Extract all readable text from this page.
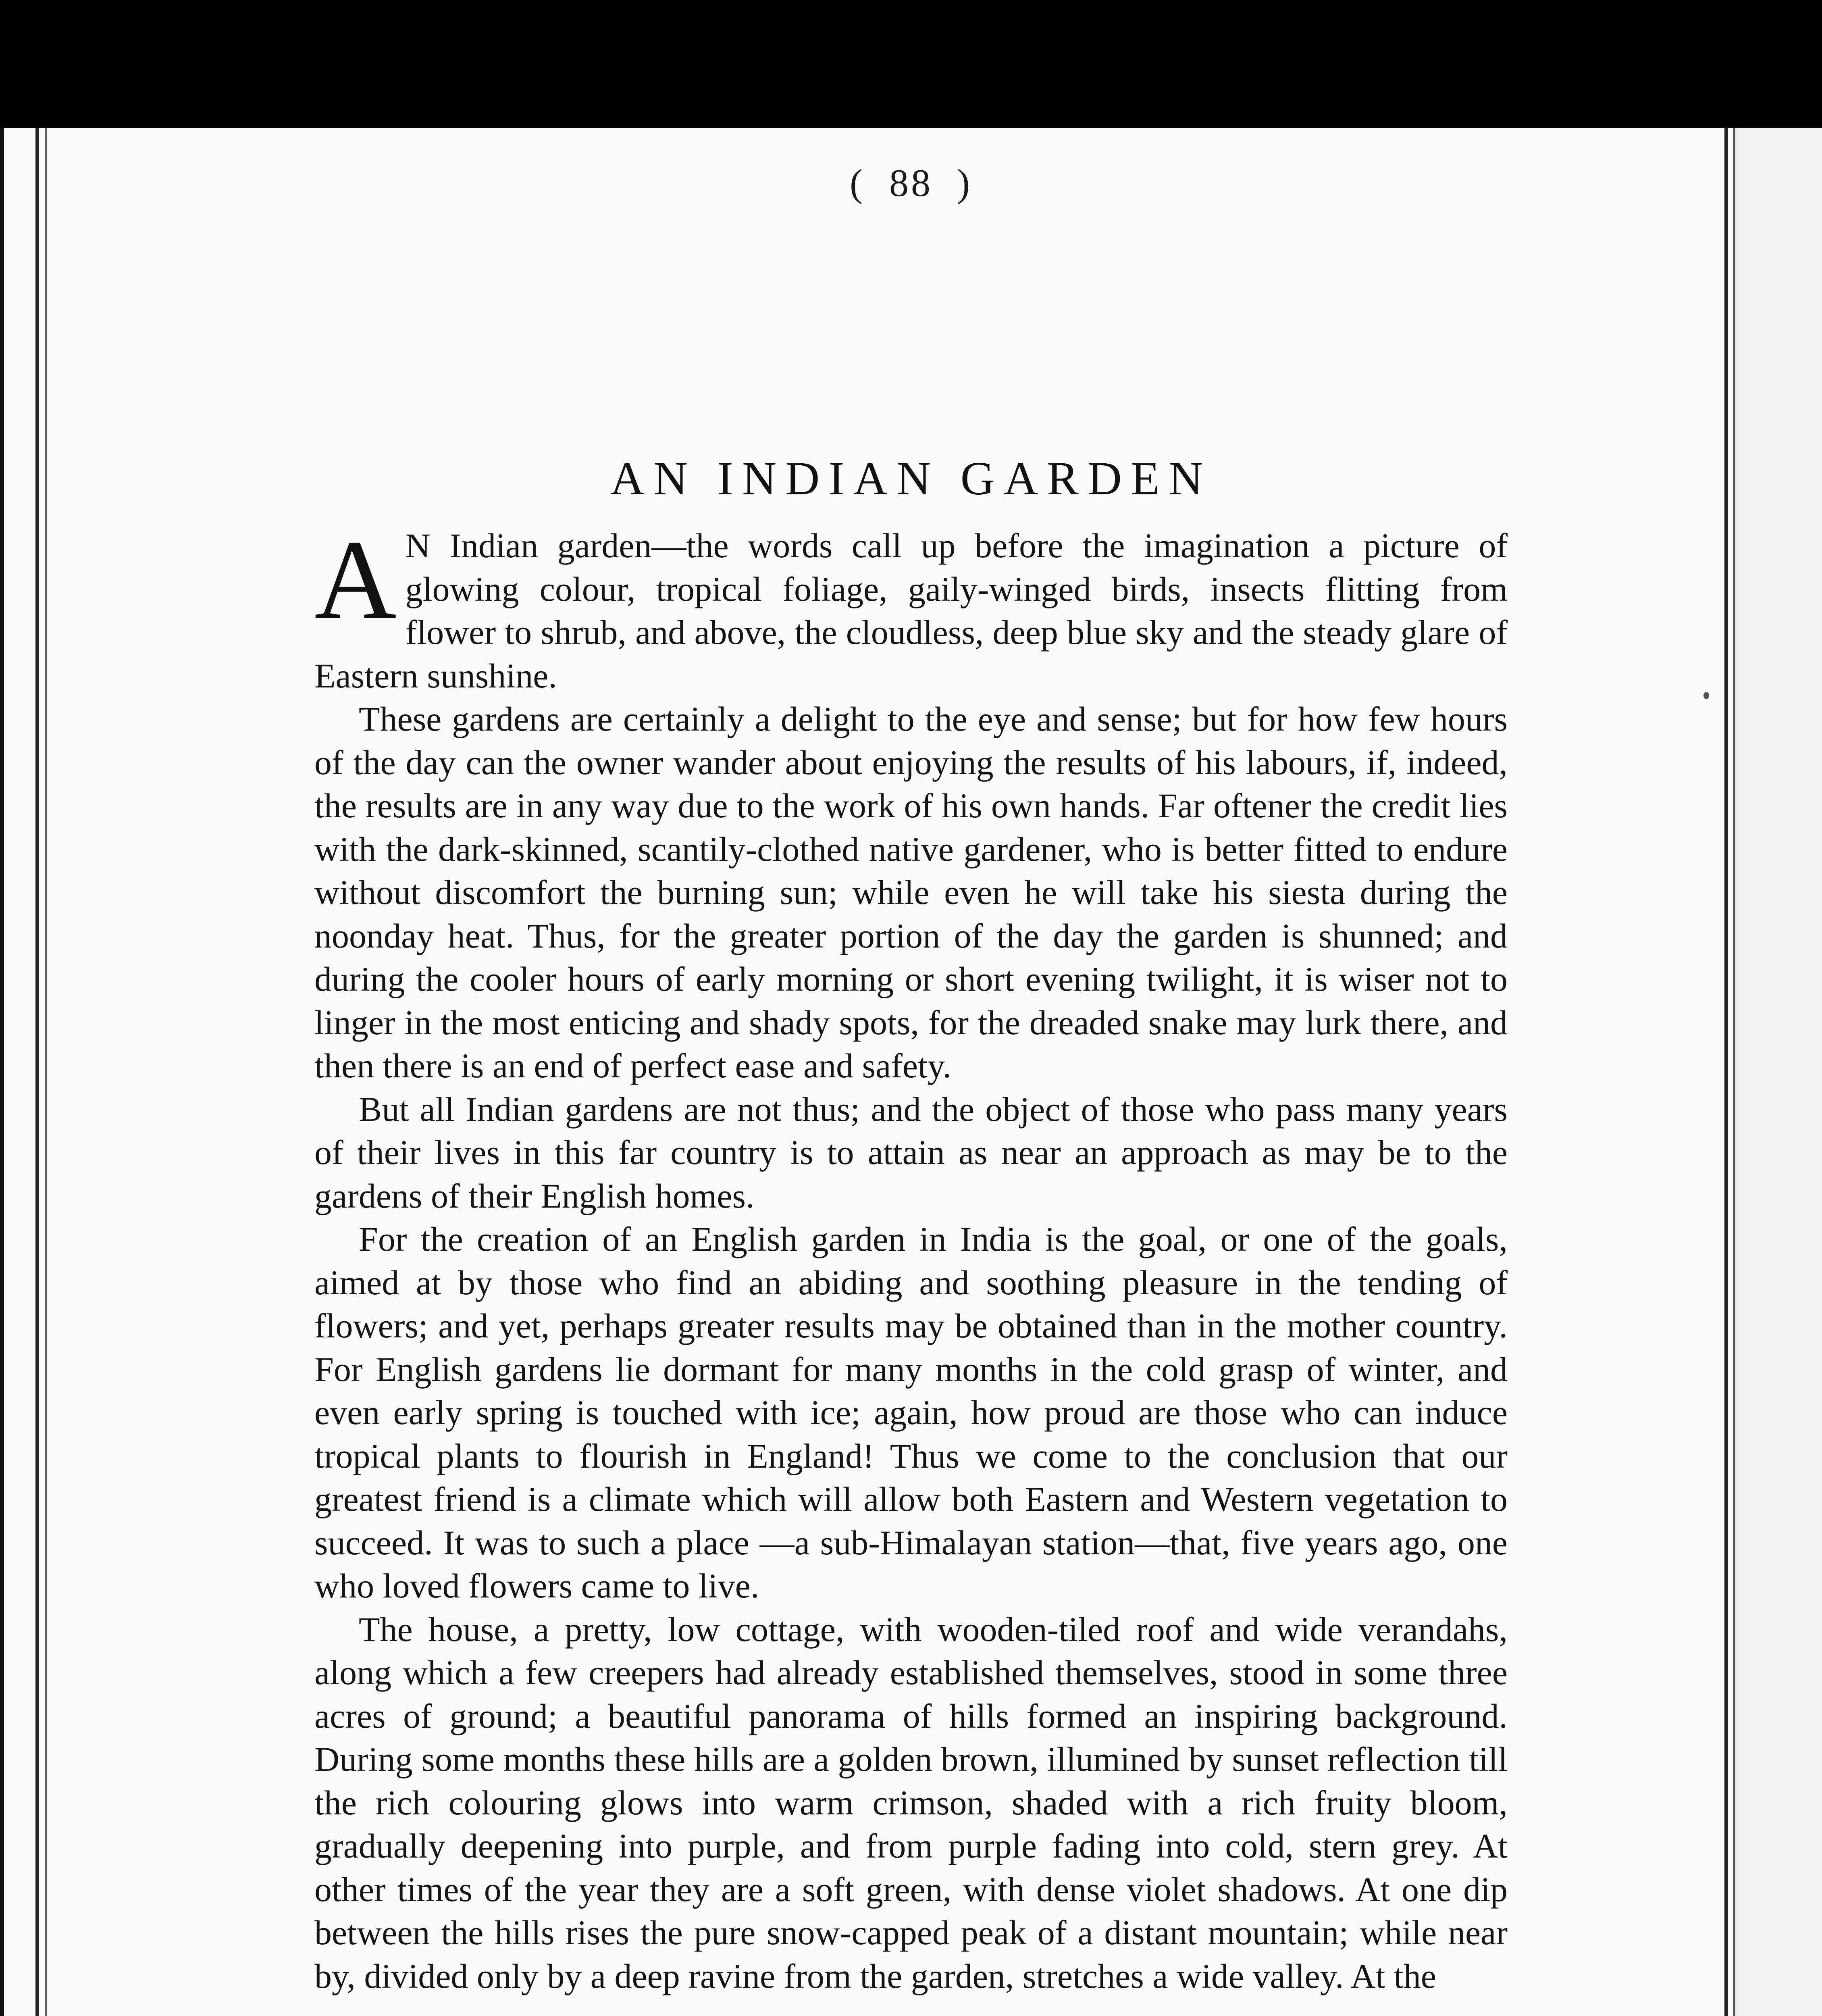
(  88  )
AN INDIAN GARDEN

A N Indian garden—the words call up before the imagination a picture of glowing colour, tropical foliage, gaily-winged birds, insects flitting from flower to shrub, and above, the cloudless, deep blue sky and the steady glare of Eastern sunshine.

These gardens are certainly a delight to the eye and sense; but for how few hours of the day can the owner wander about enjoying the results of his labours, if, indeed, the results are in any way due to the work of his own hands. Far oftener the credit lies with the dark-skinned, scantily-clothed native gardener, who is better fitted to endure without discomfort the burning sun; while even he will take his siesta during the noonday heat. Thus, for the greater portion of the day the garden is shunned; and during the cooler hours of early morning or short evening twilight, it is wiser not to linger in the most enticing and shady spots, for the dreaded snake may lurk there, and then there is an end of perfect ease and safety.

But all Indian gardens are not thus; and the object of those who pass many years of their lives in this far country is to attain as near an approach as may be to the gardens of their English homes.

For the creation of an English garden in India is the goal, or one of the goals, aimed at by those who find an abiding and soothing pleasure in the tending of flowers; and yet, perhaps greater results may be obtained than in the mother country. For English gardens lie dormant for many months in the cold grasp of winter, and even early spring is touched with ice; again, how proud are those who can induce tropical plants to flourish in England! Thus we come to the conclusion that our greatest friend is a climate which will allow both Eastern and Western vegetation to succeed. It was to such a place —a sub-Himalayan station—that, five years ago, one who loved flowers came to live.

The house, a pretty, low cottage, with wooden-tiled roof and wide verandahs, along which a few creepers had already established themselves, stood in some three acres of ground; a beautiful panorama of hills formed an inspiring background. During some months these hills are a golden brown, illumined by sunset reflection till the rich colouring glows into warm crimson, shaded with a rich fruity bloom, gradually deepening into purple, and from purple fading into cold, stern grey. At other times of the year they are a soft green, with dense violet shadows. At one dip between the hills rises the pure snow-capped peak of a distant mountain; while near by, divided only by a deep ravine from the garden, stretches a wide valley. At the
